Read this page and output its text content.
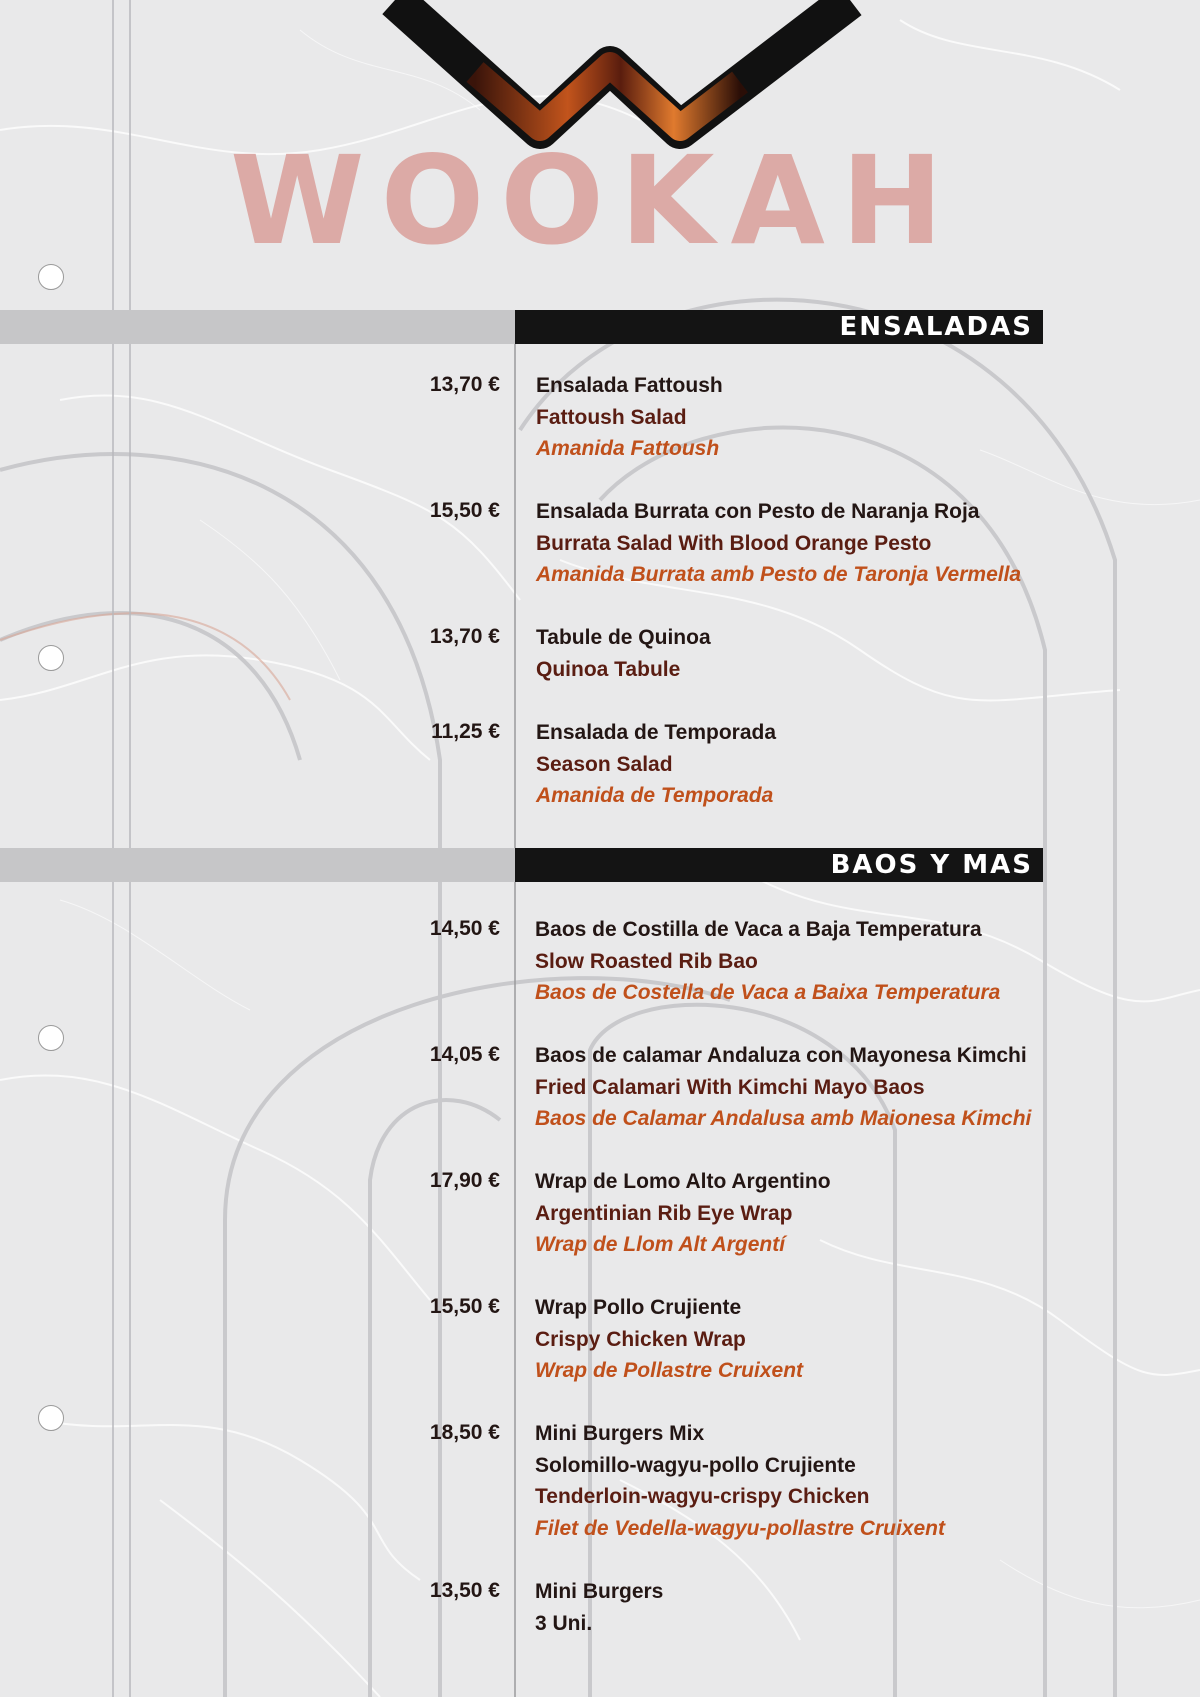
WOOKAH
ENSALADAS
13,70 € Ensalada Fattoush
Fattoush Salad
Amanida Fattoush
15,50 € Ensalada Burrata con Pesto de Naranja Roja
Burrata Salad With Blood Orange Pesto
Amanida Burrata amb Pesto de Taronja Vermella
13,70 € Tabule de Quinoa
Quinoa Tabule
11,25 € Ensalada de Temporada
Season Salad
Amanida de Temporada
BAOS Y MAS
14,50 € Baos de Costilla de Vaca a Baja Temperatura
Slow Roasted Rib Bao
Baos de Costella de Vaca a Baixa Temperatura
14,05 € Baos de calamar Andaluza con Mayonesa Kimchi
Fried Calamari With Kimchi Mayo Baos
Baos de Calamar Andalusa amb Maionesa Kimchi
17,90 € Wrap de Lomo Alto Argentino
Argentinian Rib Eye Wrap
Wrap de Llom Alt Argentí
15,50 € Wrap Pollo Crujiente
Crispy Chicken Wrap
Wrap de Pollastre Cruixent
18,50 € Mini Burgers Mix
Solomillo-wagyu-pollo Crujiente
Tenderloin-wagyu-crispy Chicken
Filet de Vedella-wagyu-pollastre Cruixent
13,50 € Mini Burgers
3 Uni.
